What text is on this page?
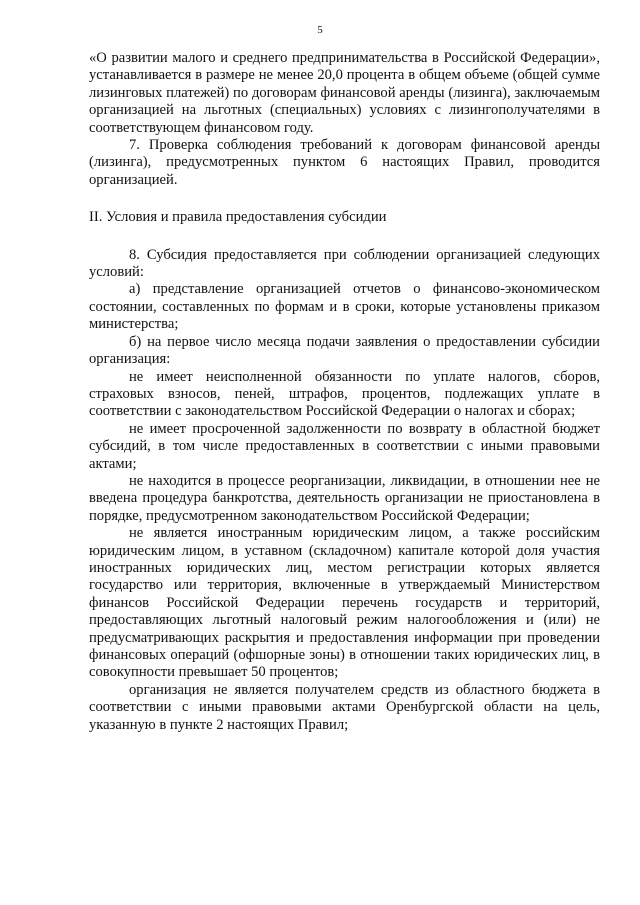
5

«О развитии малого и среднего предпринимательства в Российской Федерации», устанавливается в размере не менее 20,0 процента в общем объеме (общей сумме лизинговых платежей) по договорам финансовой аренды (лизинга), заключаемым организацией на льготных (специальных) условиях с лизингополучателями в соответствующем финансовом году.

7. Проверка соблюдения требований к договорам финансовой аренды (лизинга), предусмотренных пунктом 6 настоящих Правил, проводится организацией.

II. Условия и правила предоставления субсидии

8. Субсидия предоставляется при соблюдении организацией следующих условий:

а) представление организацией отчетов о финансово-экономическом состоянии, составленных по формам и в сроки, которые установлены приказом министерства;

б) на первое число месяца подачи заявления о предоставлении субсидии организация:

не имеет неисполненной обязанности по уплате налогов, сборов, страховых взносов, пеней, штрафов, процентов, подлежащих уплате в соответствии с законодательством Российской Федерации о налогах и сборах;

не имеет просроченной задолженности по возврату в областной бюджет субсидий, в том числе предоставленных в соответствии с иными правовыми актами;

не находится в процессе реорганизации, ликвидации, в отношении нее не введена процедура банкротства, деятельность организации не приостановлена в порядке, предусмотренном законодательством Российской Федерации;

не является иностранным юридическим лицом, а также российским юридическим лицом, в уставном (складочном) капитале которой доля участия иностранных юридических лиц, местом регистрации которых является государство или территория, включенные в утверждаемый Министерством финансов Российской Федерации перечень государств и территорий, предоставляющих льготный налоговый режим налогообложения и (или) не предусматривающих раскрытия и предоставления информации при проведении финансовых операций (офшорные зоны) в отношении таких юридических лиц, в совокупности превышает 50 процентов;

организация не является получателем средств из областного бюджета в соответствии с иными правовыми актами Оренбургской области на цель, указанную в пункте 2 настоящих Правил;
